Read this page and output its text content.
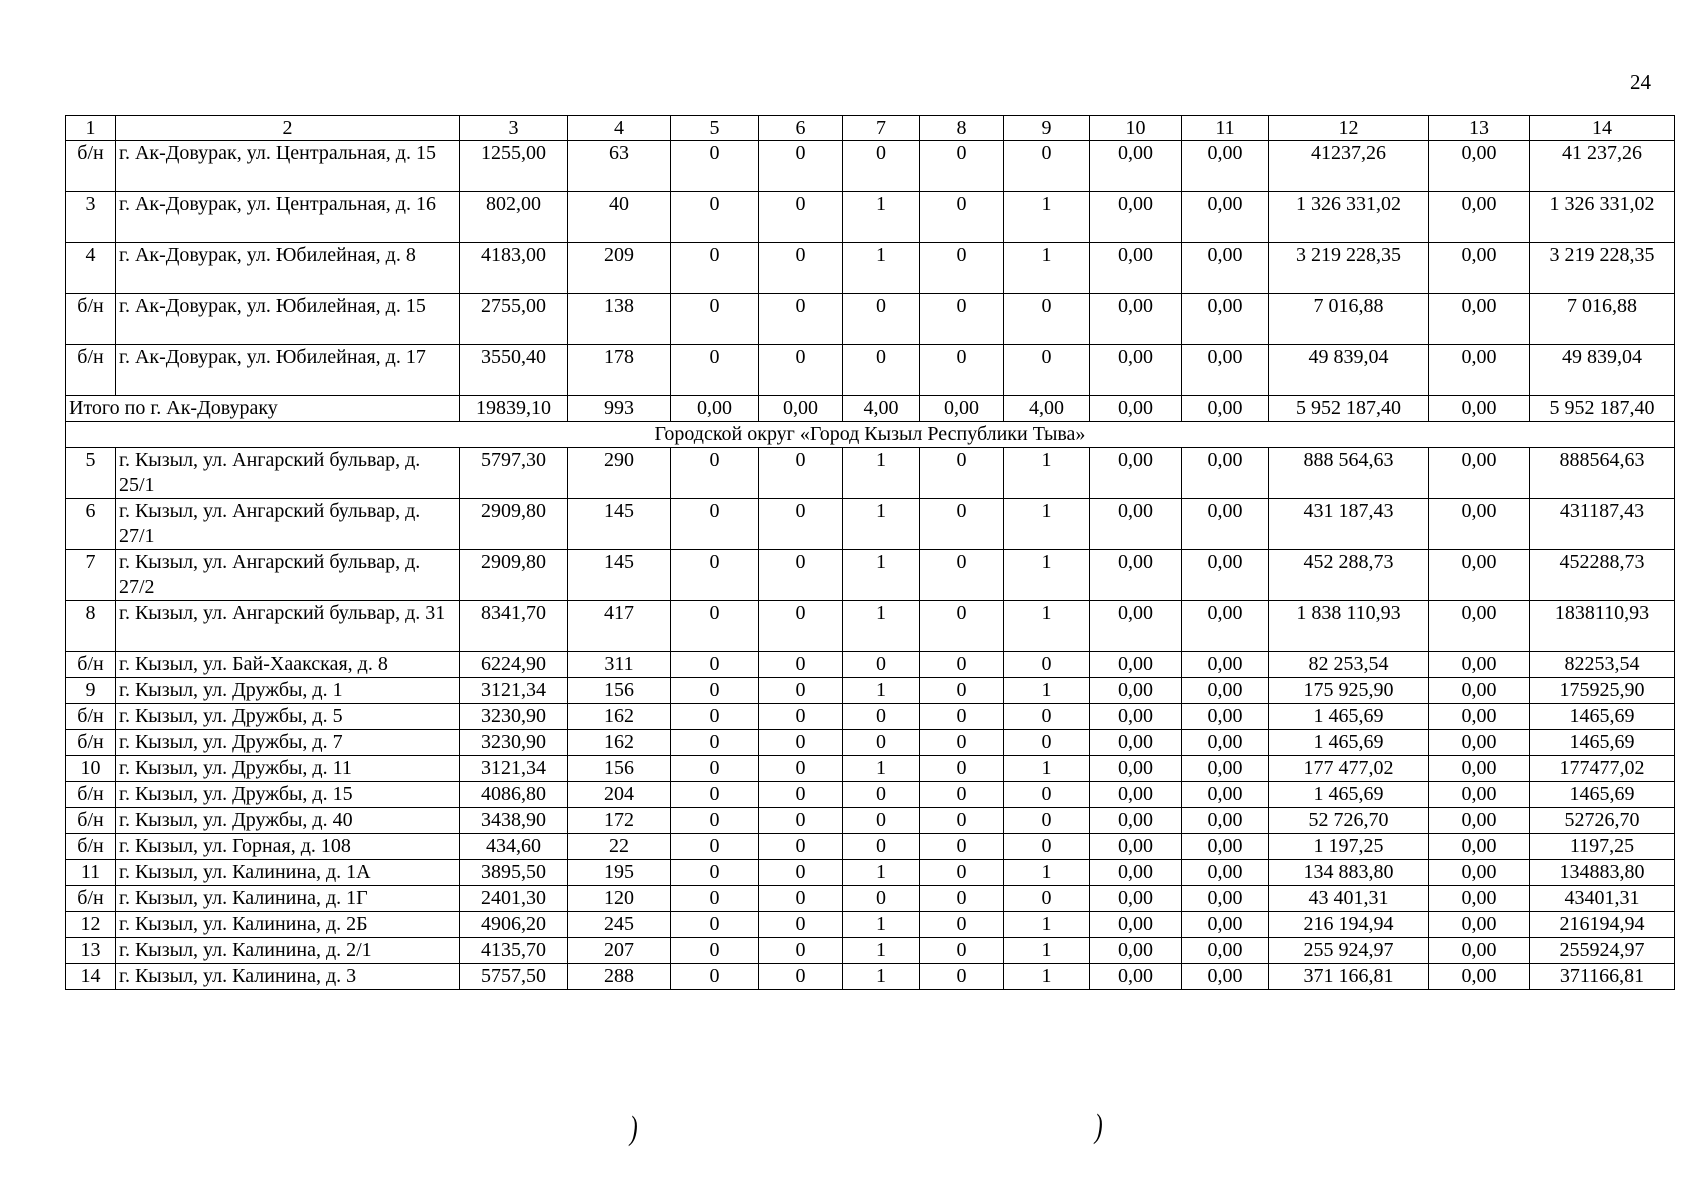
24
1	2	3	4	5	6	7	8	9	10	11	12	13	14
б/н	г. Ак-Довурак, ул. Центральная, д. 15	1255,00	63	0	0	0	0	0	0,00	0,00	41237,26	0,00	41 237,26
3	г. Ак-Довурак, ул. Центральная, д. 16	802,00	40	0	0	1	0	1	0,00	0,00	1 326 331,02	0,00	1 326 331,02
4	г. Ак-Довурак, ул. Юбилейная, д. 8	4183,00	209	0	0	1	0	1	0,00	0,00	3 219 228,35	0,00	3 219 228,35
б/н	г. Ак-Довурак, ул. Юбилейная, д. 15	2755,00	138	0	0	0	0	0	0,00	0,00	7 016,88	0,00	7 016,88
б/н	г. Ак-Довурак, ул. Юбилейная, д. 17	3550,40	178	0	0	0	0	0	0,00	0,00	49 839,04	0,00	49 839,04
Итого по г. Ак-Довураку		19839,10	993	0,00	0,00	4,00	0,00	4,00	0,00	0,00	5 952 187,40	0,00	5 952 187,40
Городской округ «Город Кызыл Республики Тыва»													
5	г. Кызыл, ул. Ангарский бульвар, д. 25/1	5797,30	290	0	0	1	0	1	0,00	0,00	888 564,63	0,00	888564,63
6	г. Кызыл, ул. Ангарский бульвар, д. 27/1	2909,80	145	0	0	1	0	1	0,00	0,00	431 187,43	0,00	431187,43
7	г. Кызыл, ул. Ангарский бульвар, д. 27/2	2909,80	145	0	0	1	0	1	0,00	0,00	452 288,73	0,00	452288,73
8	г. Кызыл, ул. Ангарский бульвар, д. 31	8341,70	417	0	0	1	0	1	0,00	0,00	1 838 110,93	0,00	1838110,93
б/н	г. Кызыл, ул. Бай-Хаакская, д. 8	6224,90	311	0	0	0	0	0	0,00	0,00	82 253,54	0,00	82253,54
9	г. Кызыл, ул. Дружбы, д. 1	3121,34	156	0	0	1	0	1	0,00	0,00	175 925,90	0,00	175925,90
б/н	г. Кызыл, ул. Дружбы, д. 5	3230,90	162	0	0	0	0	0	0,00	0,00	1 465,69	0,00	1465,69
б/н	г. Кызыл, ул. Дружбы, д. 7	3230,90	162	0	0	0	0	0	0,00	0,00	1 465,69	0,00	1465,69
10	г. Кызыл, ул. Дружбы, д. 11	3121,34	156	0	0	1	0	1	0,00	0,00	177 477,02	0,00	177477,02
б/н	г. Кызыл, ул. Дружбы, д. 15	4086,80	204	0	0	0	0	0	0,00	0,00	1 465,69	0,00	1465,69
б/н	г. Кызыл, ул. Дружбы, д. 40	3438,90	172	0	0	0	0	0	0,00	0,00	52 726,70	0,00	52726,70
б/н	г. Кызыл, ул. Горная, д. 108	434,60	22	0	0	0	0	0	0,00	0,00	1 197,25	0,00	1197,25
11	г. Кызыл, ул. Калинина, д. 1А	3895,50	195	0	0	1	0	1	0,00	0,00	134 883,80	0,00	134883,80
б/н	г. Кызыл, ул. Калинина, д. 1Г	2401,30	120	0	0	0	0	0	0,00	0,00	43 401,31	0,00	43401,31
12	г. Кызыл, ул. Калинина, д. 2Б	4906,20	245	0	0	1	0	1	0,00	0,00	216 194,94	0,00	216194,94
13	г. Кызыл, ул. Калинина, д. 2/1	4135,70	207	0	0	1	0	1	0,00	0,00	255 924,97	0,00	255924,97
14	г. Кызыл, ул. Калинина, д. 3	5757,50	288	0	0	1	0	1	0,00	0,00	371 166,81	0,00	371166,81
)	)
